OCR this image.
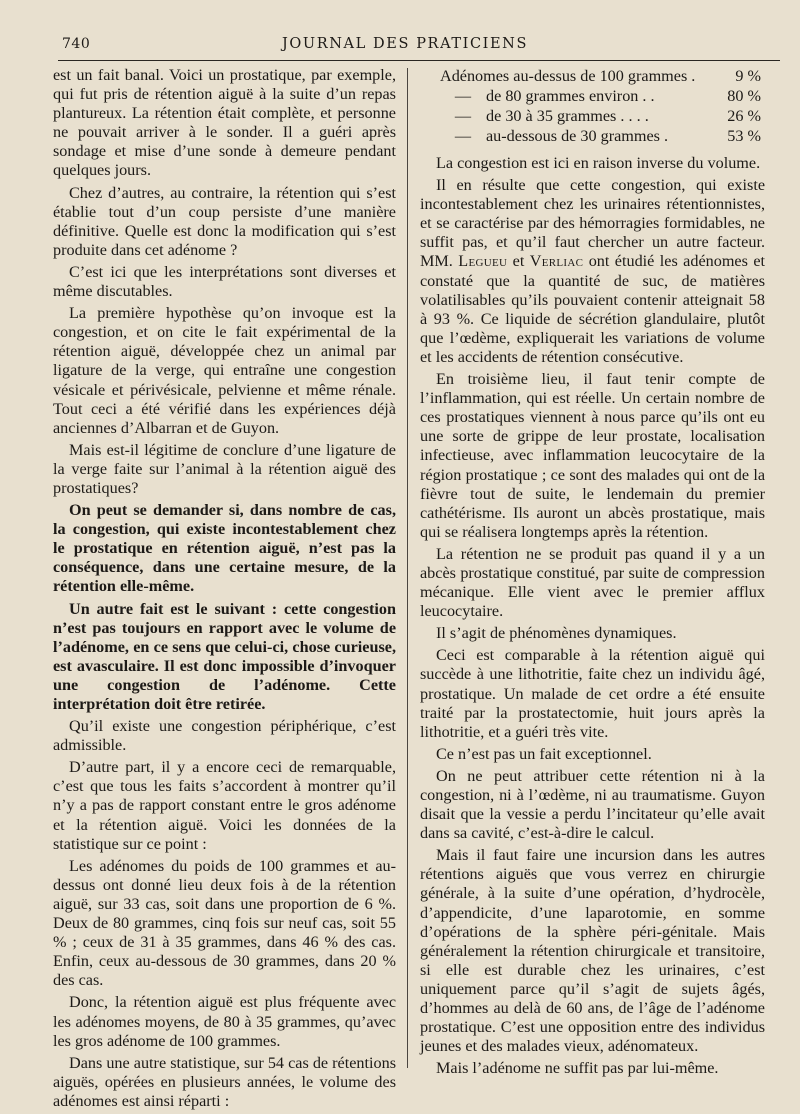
740	JOURNAL DES PRATICIENS

est un fait banal. Voici un prostatique, par exemple, qui fut pris de rétention aiguë à la suite d’un repas plantureux. La rétention était complète, et personne ne pouvait arriver à le sonder. Il a guéri après sondage et mise d’une sonde à demeure pendant quelques jours.

Chez d’autres, au contraire, la rétention qui s’est établie tout d’un coup persiste d’une manière définitive. Quelle est donc la modification qui s’est produite dans cet adénome ?

C’est ici que les interprétations sont diverses et même discutables.

La première hypothèse qu’on invoque est la congestion, et on cite le fait expérimental de la rétention aiguë, développée chez un animal par ligature de la verge, qui entraîne une congestion vésicale et périvésicale, pelvienne et même rénale. Tout ceci a été vérifié dans les expériences déjà anciennes d’Albarran et de Guyon.

Mais est-il légitime de conclure d’une ligature de la verge faite sur l’animal à la rétention aiguë des prostatiques?

On peut se demander si, dans nombre de cas, la congestion, qui existe incontestablement chez le prostatique en rétention aiguë, n’est pas la conséquence, dans une certaine mesure, de la rétention elle-même.

Un autre fait est le suivant : cette congestion n’est pas toujours en rapport avec le volume de l’adénome, en ce sens que celui-ci, chose curieuse, est avasculaire. Il est donc impossible d’invoquer une congestion de l’adénome. Cette interprétation doit être retirée.

Qu’il existe une congestion périphérique, c’est admissible.

D’autre part, il y a encore ceci de remarquable, c’est que tous les faits s’accordent à montrer qu’il n’y a pas de rapport constant entre le gros adénome et la rétention aiguë. Voici les données de la statistique sur ce point :

Les adénomes du poids de 100 grammes et au-dessus ont donné lieu deux fois à de la rétention aiguë, sur 33 cas, soit dans une proportion de 6 %. Deux de 80 grammes, cinq fois sur neuf cas, soit 55 % ; ceux de 31 à 35 grammes, dans 46 % des cas. Enfin, ceux au-dessous de 30 grammes, dans 20 % des cas.

Donc, la rétention aiguë est plus fréquente avec les adénomes moyens, de 80 à 35 grammes, qu’avec les gros adénome de 100 grammes.

Dans une autre statistique, sur 54 cas de rétentions aiguës, opérées en plusieurs années, le volume des adénomes est ainsi réparti :

Adénomes au-dessus de 100 grammes .		9 %
—	de 80 grammes environ . .	80 %
—	de 30 à 35 grammes . . . .	26 %
—	au-dessous de 30 grammes .	53 %

La congestion est ici en raison inverse du volume.

Il en résulte que cette congestion, qui existe incontestablement chez les urinaires rétentionnistes, et se caractérise par des hémorragies formidables, ne suffit pas, et qu’il faut chercher un autre facteur. MM. Legueu et Verliac ont étudié les adénomes et constaté que la quantité de suc, de matières volatilisables qu’ils pouvaient contenir atteignait 58 à 93 %. Ce liquide de sécrétion glandulaire, plutôt que l’œdème, expliquerait les variations de volume et les accidents de rétention consécutive.

En troisième lieu, il faut tenir compte de l’inflammation, qui est réelle. Un certain nombre de ces prostatiques viennent à nous parce qu’ils ont eu une sorte de grippe de leur prostate, localisation infectieuse, avec inflammation leucocytaire de la région prostatique ; ce sont des malades qui ont de la fièvre tout de suite, le lendemain du premier cathétérisme. Ils auront un abcès prostatique, mais qui se réalisera longtemps après la rétention.

La rétention ne se produit pas quand il y a un abcès prostatique constitué, par suite de compression mécanique. Elle vient avec le premier afflux leucocytaire.

Il s’agit de phénomènes dynamiques.

Ceci est comparable à la rétention aiguë qui succède à une lithotritie, faite chez un individu âgé, prostatique. Un malade de cet ordre a été ensuite traité par la prostatectomie, huit jours après la lithotritie, et a guéri très vite.

Ce n’est pas un fait exceptionnel.

On ne peut attribuer cette rétention ni à la congestion, ni à l’œdème, ni au traumatisme. Guyon disait que la vessie a perdu l’incitateur qu’elle avait dans sa cavité, c’est-à-dire le calcul.

Mais il faut faire une incursion dans les autres rétentions aiguës que vous verrez en chirurgie générale, à la suite d’une opération, d’hydrocèle, d’appendicite, d’une laparotomie, en somme d’opérations de la sphère péri-génitale. Mais généralement la rétention chirurgicale et transitoire, si elle est durable chez les urinaires, c’est uniquement parce qu’il s’agit de sujets âgés, d’hommes au delà de 60 ans, de l’âge de l’adénome prostatique. C’est une opposition entre des individus jeunes et des malades vieux, adénomateux.

Mais l’adénome ne suffit pas par lui-même.
